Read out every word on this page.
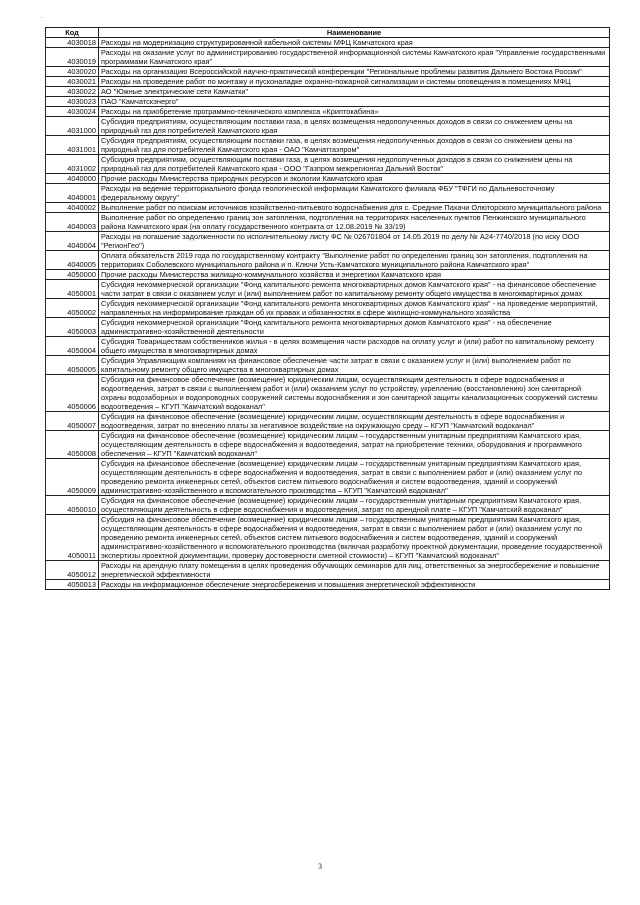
·
Код	Наименование
4030018	Расходы на модернизацию структурированной кабельной системы МФЦ Камчатского края
4030019	Расходы на оказание услуг по администрированию государственной информационной системы Камчатского края "Управление государственными программами Камчатского края"
4030020	Расходы на организацию Всероссийской научно-практической конференции "Региональные проблемы развития Дальнего Востока России"
4030021	Расходы на проведение работ по монтажу и пусконаладке охранно-пожарной сигнализации и системы оповещения в помещениях МФЦ
4030022	АО "Южные электрические сети Камчатки"
4030023	ПАО "Камчатскэнерго"
4030024	Расходы на приобретение программно-технического комплекса «Криптокабина»
4031000	Субсидия предприятиям, осуществляющим поставки газа, в целях возмещения недополученных доходов в связи со снижением цены на природный газ для потребителей Камчатского края
4031001	Субсидия предприятиям, осуществляющим поставки газа, в целях возмещения недополученных доходов в связи со снижением цены на природный газ для потребителей Камчатского края - ОАО "Камчатгазпром"
4031002	Субсидия предприятиям, осуществляющим поставки газа, в целях возмещения недополученных доходов в связи со снижением цены на природный газ для потребителей Камчатского края - ООО "Газпром межрегионгаз Дальний Восток"
4040000	Прочие расходы Министерства природных ресурсов и экологии Камчатского края
4040001	Расходы на ведение территориального фонда геологической информации Камчатского филиала ФБУ "ТФГИ по Дальневосточному федеральному округу"
4040002	Выполнение работ по поискам источников хозяйственно-питьевого водоснабжения для с. Средние Пахачи Олюторского муниципального района
4040003	Выполнение работ по определению границ зон затопления, подтопления на территориях населенных пунктов Пенжинского муниципального района Камчатского края (на оплату государственного контракта от 12.08.2019 № 33/19)
4040004	Расходы на погашение задолженности по исполнительному листу ФС № 026701804 от 14.05.2019 по делу № А24-7740/2018 (по иску ООО "РегионГео")
4040005	Оплата обязательств 2019 года по государственному контракту "Выполнение работ по определению границ зон затопления, подтопления на территориях Соболевского муниципального района и п. Ключи Усть-Камчатского муниципального района Камчатского края"
4050000	Прочие расходы Министерства жилищно-коммунального хозяйства и энергетики Камчатского края
4050001	Субсидия некоммерческой организации "Фонд капитального ремонта многоквартирных домов Камчатского края" - на финансовое обеспечение части затрат в связи с оказанием услуг и (или) выполнением работ по капитальному ремонту общего имущества в многоквартирных домах
4050002	Субсидия некоммерческой организации "Фонд капитального ремонта многоквартирных домов Камчатского края" - на проведение мероприятий, направленных на информирование граждан об их правах и обязанностях в сфере жилищно-коммунального хозяйства
4050003	Субсидия некоммерческой организации "Фонд капитального ремонта многоквартирных домов Камчатского края" - на обеспечение административно-хозяйственной деятельности
4050004	Субсидия Товариществам собственников жилья - в целях возмещения части расходов на оплату услуг и (или) работ по капитальному ремонту общего имущества в многоквартирных домах
4050005	Субсидия Управляющим компаниям на финансовое обеспечение части затрат в связи с оказанием услуг и (или) выполнением работ по капитальному ремонту общего имущества в многоквартирных домах
4050006	Субсидия на финансовое обеспечение (возмещение) юридическим лицам, осуществляющим деятельность в сфере водоснабжения и водоотведения, затрат в связи с выполнением работ и (или) оказанием услуг по устройству, укреплению (восстановлению) зон санитарной охраны водозаборных и водопроводных сооружений системы водоснабжения и зон санитарной защиты канализационных сооружений системы водоотведения – КГУП "Камчатский водоканал"
4050007	Субсидия на финансовое обеспечение (возмещение) юридическим лицам, осуществляющим деятельность в сфере водоснабжения и водоотведения, затрат по внесению платы за негативное воздействие на окружающую среду – КГУП "Камчатский водоканал"
4050008	Субсидия на финансовое обеспечение (возмещение) юридическим лицам – государственным унитарным предприятиям Камчатского края, осуществляющим деятельность в сфере водоснабжения и водоотведения, затрат на приобретение техники, оборудования и программного обеспечения – КГУП "Камчатский водоканал"
4050009	Субсидия на финансовое обеспечение (возмещение) юридическим лицам – государственным унитарным предприятиям Камчатского края, осуществляющим деятельность в сфере водоснабжения и водоотведения, затрат в связи с выполнением работ и (или) оказанием услуг по проведению ремонта инженерных сетей, объектов систем питьевого водоснабжения и систем водоотведения, зданий и сооружений административно-хозяйственного и вспомогательного производства – КГУП "Камчатский водоканал"
4050010	Субсидия на финансовое обеспечение (возмещение) юридическим лицам – государственным унитарным предприятиям Камчатского края, осуществляющим деятельность в сфере водоснабжения и водоотведения, затрат по арендной плате – КГУП "Камчатский водоканал"
4050011	Субсидия на финансовое обеспечение (возмещение) юридическим лицам – государственным унитарным предприятиям Камчатского края, осуществляющим деятельность в сфере водоснабжения и водоотведения, затрат в связи с выполнением работ и (или) оказанием услуг по проведению ремонта инженерных сетей, объектов систем питьевого водоснабжения и систем водоотведения, зданий и сооружений административно-хозяйственного и вспомогательного производства (включая разработку проектной документации, проведение государственной экспертизы проектной документации, проверку достоверности сметной стоимости) – КГУП "Камчатский водоканал"
4050012	Расходы на арендную плату помещения в целях проведения обучающих семинаров для лиц, ответственных за энергосбережение и повышение энергетической эффективности
4050013	Расходы на информационное обеспечение энергосбережения и повышения энергетической эффективности
3
